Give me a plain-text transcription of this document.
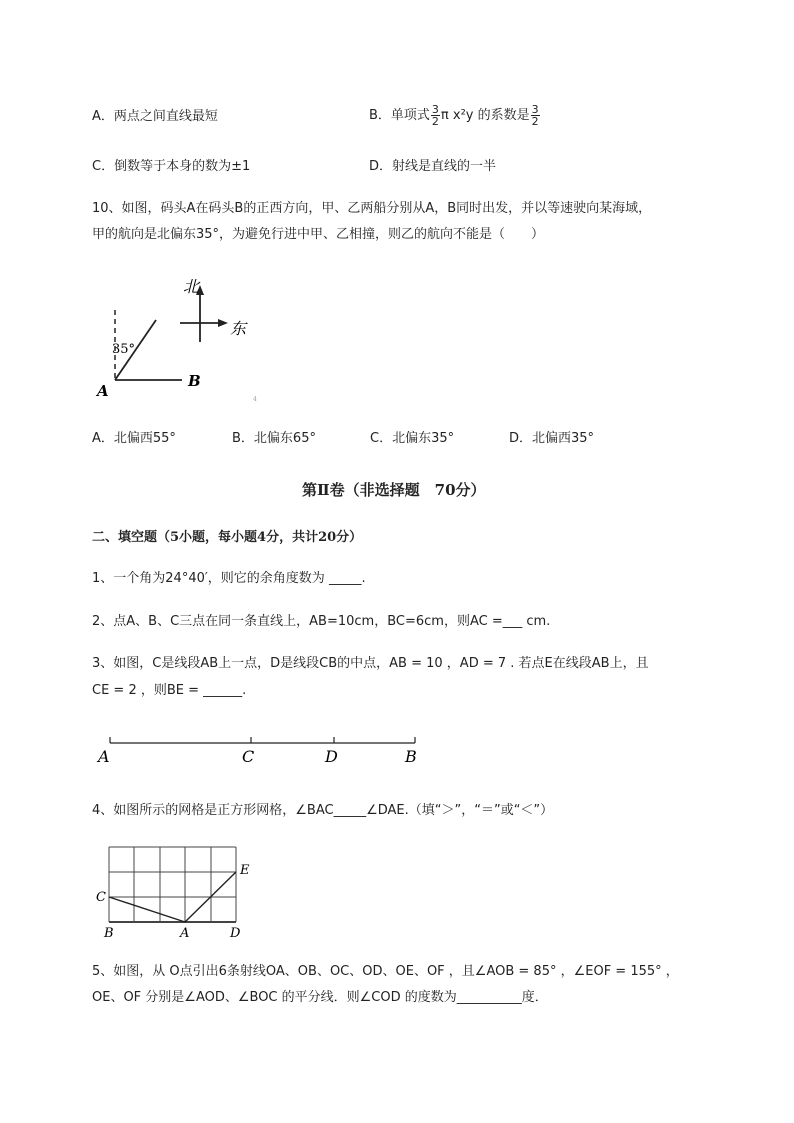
A．两点之间直线最短	B．单项式 $\frac{3}{2}$ π x²y 的系数是 $\frac{3}{2}$
C．倒数等于本身的数为±1	D．射线是直线的一半
10、如图，码头A在码头B的正西方向，甲、乙两船分别从A，B同时出发，并以等速驶向某海域，
甲的航向是北偏东35°，为避免行进中甲、乙相撞，则乙的航向不能是（　　）
35°
A
B
北
东
4
A．北偏西55°	B．北偏东65°	C．北偏东35°	D．北偏西35°
第Ⅱ卷（非选择题　70分）
二、填空题（5小题，每小题4分，共计20分）
1、一个角为24°40′，则它的余角度数为 _____.
2、点A、B、C三点在同一条直线上，AB=10cm，BC=6cm，则AC =___ cm.
3、如图，C是线段AB上一点，D是线段CB的中点，AB = 10 ，AD = 7 . 若点E在线段AB上，且
CE = 2 ，则BE = ______.
A	C	D	B
4、如图所示的网格是正方形网格，∠BAC_____∠DAE.（填“＞”，“＝”或“＜”）
C
E
B	A	D
5、如图，从 O点引出6条射线OA、OB、OC、OD、OE、OF ，且∠AOB = 85° ，∠EOF = 155° ，
OE、OF 分别是∠AOD、∠BOC 的平分线．则∠COD 的度数为__________度．
